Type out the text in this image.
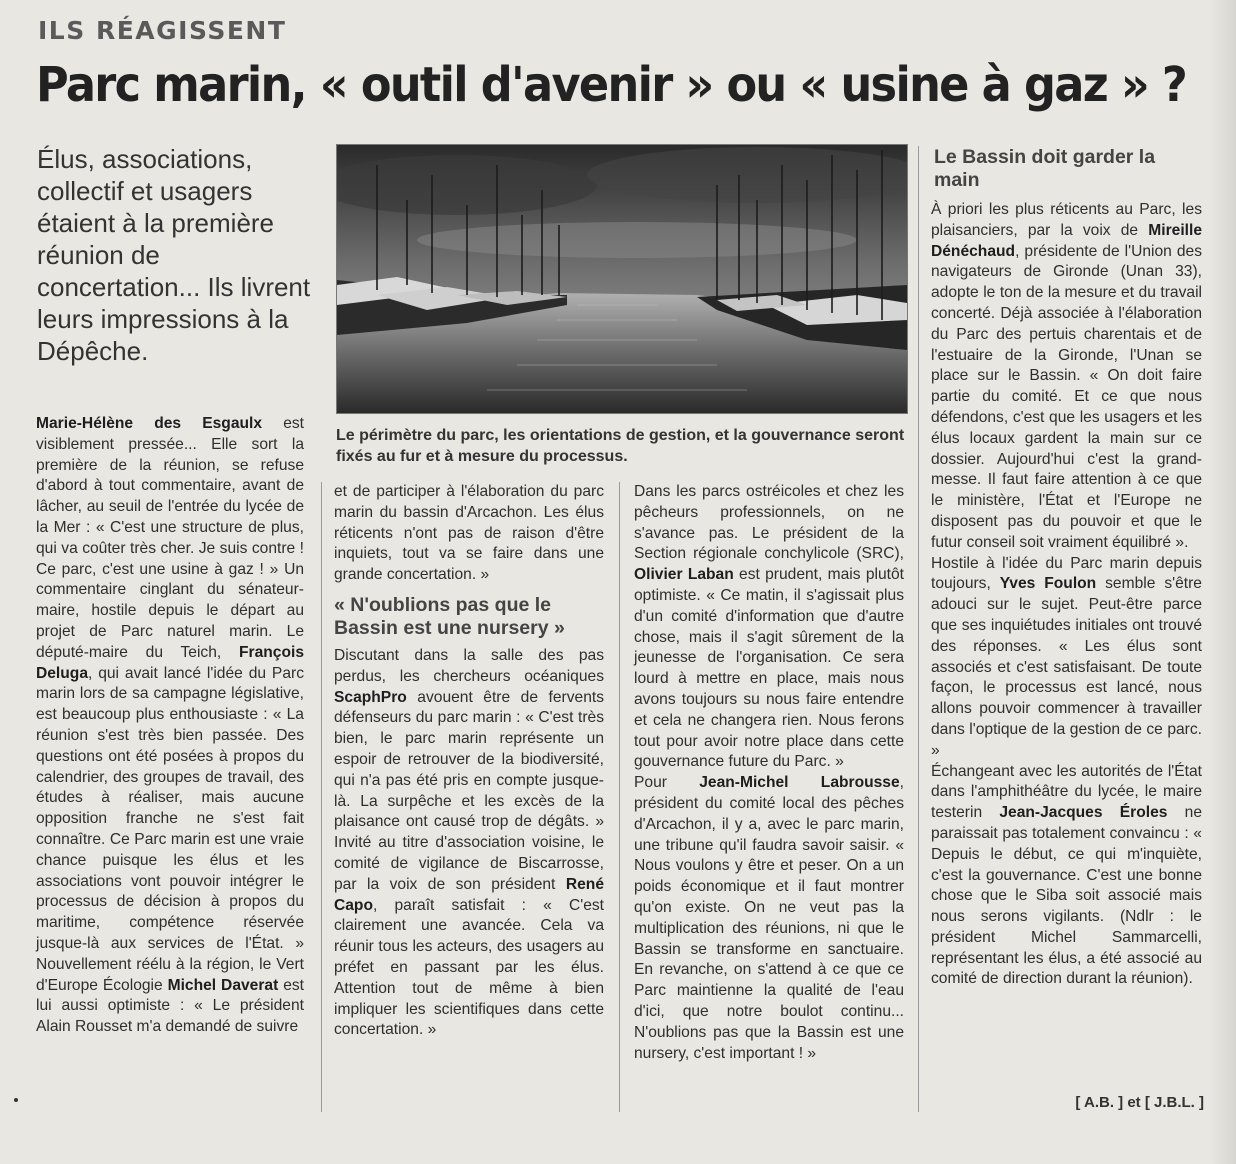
ILS RÉAGISSENT
Parc marin, « outil d'avenir » ou « usine à gaz » ?
Élus, associations, collectif et usagers étaient à la première réunion de concertation... Ils livrent leurs impressions à la Dépêche.
Le périmètre du parc, les orientations de gestion, et la gouvernance seront fixés au fur et à mesure du processus.

Marie-Hélène des Esgaulx est visiblement pressée... Elle sort la première de la réunion, se refuse d'abord à tout commentaire, avant de lâcher, au seuil de l'entrée du lycée de la Mer : « C'est une structure de plus, qui va coûter très cher. Je suis contre ! Ce parc, c'est une usine à gaz ! » Un commentaire cinglant du sénateur-maire, hostile depuis le départ au projet de Parc naturel marin. Le député-maire du Teich, François Deluga, qui avait lancé l'idée du Parc marin lors de sa campagne législative, est beaucoup plus enthousiaste : « La réunion s'est très bien passée. Des questions ont été posées à propos du calendrier, des groupes de travail, des études à réaliser, mais aucune opposition franche ne s'est fait connaître. Ce Parc marin est une vraie chance puisque les élus et les associations vont pouvoir intégrer le processus de décision à propos du maritime, compétence réservée jusque-là aux services de l'État. » Nouvellement réélu à la région, le Vert d'Europe Écologie Michel Daverat est lui aussi optimiste : « Le président Alain Rousset m'a demandé de suivre

et de participer à l'élaboration du parc marin du bassin d'Arcachon. Les élus réticents n'ont pas de raison d'être inquiets, tout va se faire dans une grande concertation. »

« N'oublions pas que le Bassin est une nursery »

Discutant dans la salle des pas perdus, les chercheurs océaniques ScaphPro avouent être de fervents défenseurs du parc marin : « C'est très bien, le parc marin représente un espoir de retrouver de la biodiversité, qui n'a pas été pris en compte jusque-là. La surpêche et les excès de la plaisance ont causé trop de dégâts. » Invité au titre d'association voisine, le comité de vigilance de Biscarrosse, par la voix de son président René Capo, paraît satisfait : « C'est clairement une avancée. Cela va réunir tous les acteurs, des usagers au préfet en passant par les élus. Attention tout de même à bien impliquer les scientifiques dans cette concertation. »

Dans les parcs ostréicoles et chez les pêcheurs professionnels, on ne s'avance pas. Le président de la Section régionale conchylicole (SRC), Olivier Laban est prudent, mais plutôt optimiste. « Ce matin, il s'agissait plus d'un comité d'information que d'autre chose, mais il s'agit sûrement de la jeunesse de l'organisation. Ce sera lourd à mettre en place, mais nous avons toujours su nous faire entendre et cela ne changera rien. Nous ferons tout pour avoir notre place dans cette gouvernance future du Parc. »

Pour Jean-Michel Labrousse, président du comité local des pêches d'Arcachon, il y a, avec le parc marin, une tribune qu'il faudra savoir saisir. « Nous voulons y être et peser. On a un poids économique et il faut montrer qu'on existe. On ne veut pas la multiplication des réunions, ni que le Bassin se transforme en sanctuaire. En revanche, on s'attend à ce que ce Parc maintienne la qualité de l'eau d'ici, que notre boulot continu... N'oublions pas que la Bassin est une nursery, c'est important ! »

Le Bassin doit garder la main

À priori les plus réticents au Parc, les plaisanciers, par la voix de Mireille Dénéchaud, présidente de l'Union des navigateurs de Gironde (Unan 33), adopte le ton de la mesure et du travail concerté. Déjà associée à l'élaboration du Parc des pertuis charentais et de l'estuaire de la Gironde, l'Unan se place sur le Bassin. « On doit faire partie du comité. Et ce que nous défendons, c'est que les usagers et les élus locaux gardent la main sur ce dossier. Aujourd'hui c'est la grand-messe. Il faut faire attention à ce que le ministère, l'État et l'Europe ne disposent pas du pouvoir et que le futur conseil soit vraiment équilibré ».

Hostile à l'idée du Parc marin depuis toujours, Yves Foulon semble s'être adouci sur le sujet. Peut-être parce que ses inquiétudes initiales ont trouvé des réponses. « Les élus sont associés et c'est satisfaisant. De toute façon, le processus est lancé, nous allons pouvoir commencer à travailler dans l'optique de la gestion de ce parc. »

Échangeant avec les autorités de l'État dans l'amphithéâtre du lycée, le maire testerin Jean-Jacques Éroles ne paraissait pas totalement convaincu : « Depuis le début, ce qui m'inquiète, c'est la gouvernance. C'est une bonne chose que le Siba soit associé mais nous serons vigilants. (Ndlr : le président Michel Sammarcelli, représentant les élus, a été associé au comité de direction durant la réunion).

[ A.B. ] et [ J.B.L. ]
